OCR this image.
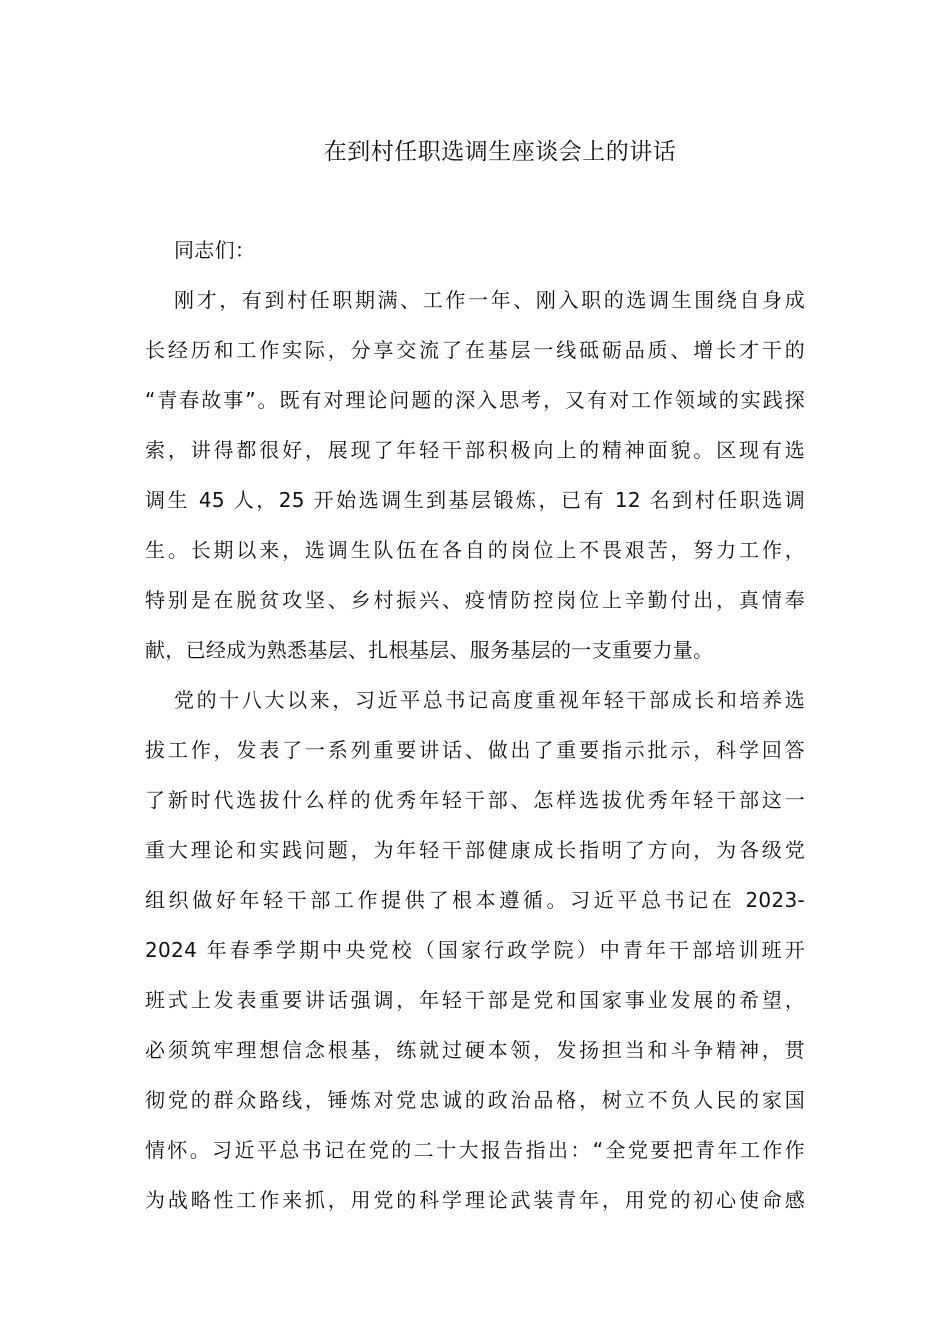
在到村任职选调生座谈会上的讲话
同志们：
刚才，有到村任职期满、工作一年、刚入职的选调生围绕自身成
长经历和工作实际，分享交流了在基层一线砥砺品质、增长才干的
“青春故事”。既有对理论问题的深入思考，又有对工作领域的实践探
索，讲得都很好，展现了年轻干部积极向上的精神面貌。区现有选
调生 45 人，25 开始选调生到基层锻炼，已有 12 名到村任职选调
生。长期以来，选调生队伍在各自的岗位上不畏艰苦，努力工作，
特别是在脱贫攻坚、乡村振兴、疫情防控岗位上辛勤付出，真情奉
献，已经成为熟悉基层、扎根基层、服务基层的一支重要力量。
党的十八大以来，习近平总书记高度重视年轻干部成长和培养选
拔工作，发表了一系列重要讲话、做出了重要指示批示，科学回答
了新时代选拔什么样的优秀年轻干部、怎样选拔优秀年轻干部这一
重大理论和实践问题，为年轻干部健康成长指明了方向，为各级党
组织做好年轻干部工作提供了根本遵循。习近平总书记在 2023-
2024 年春季学期中央党校（国家行政学院）中青年干部培训班开
班式上发表重要讲话强调，年轻干部是党和国家事业发展的希望，
必须筑牢理想信念根基，练就过硬本领，发扬担当和斗争精神，贯
彻党的群众路线，锤炼对党忠诚的政治品格，树立不负人民的家国
情怀。习近平总书记在党的二十大报告指出：“全党要把青年工作作
为战略性工作来抓，用党的科学理论武装青年，用党的初心使命感
